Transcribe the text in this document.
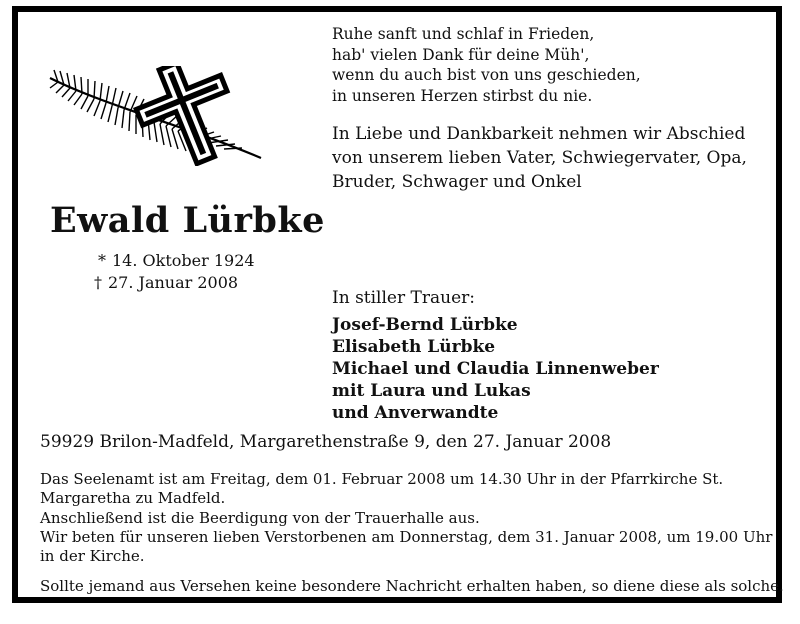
Ruhe sanft und schlaf in Frieden,
hab' vielen Dank für deine Müh',
wenn du auch bist von uns geschieden,
in unseren Herzen stirbst du nie.
In Liebe und Dankbarkeit nehmen wir Abschied
von unserem lieben Vater, Schwiegervater, Opa,
Bruder, Schwager und Onkel
Ewald Lürbke
* 14. Oktober 1924
† 27. Januar 2008
In stiller Trauer:
Josef-Bernd Lürbke
Elisabeth Lürbke
Michael und Claudia Linnenweber
mit Laura und Lukas
und Anverwandte
59929 Brilon-Madfeld, Margarethenstraße 9, den 27. Januar 2008
Das Seelenamt ist am Freitag, dem 01. Februar 2008 um 14.30 Uhr in der Pfarrkirche St.
Margaretha zu Madfeld.
Anschließend ist die Beerdigung von der Trauerhalle aus.
Wir beten für unseren lieben Verstorbenen am Donnerstag, dem 31. Januar 2008, um 19.00 Uhr
in der Kirche.
Sollte jemand aus Versehen keine besondere Nachricht erhalten haben, so diene diese als solche.
